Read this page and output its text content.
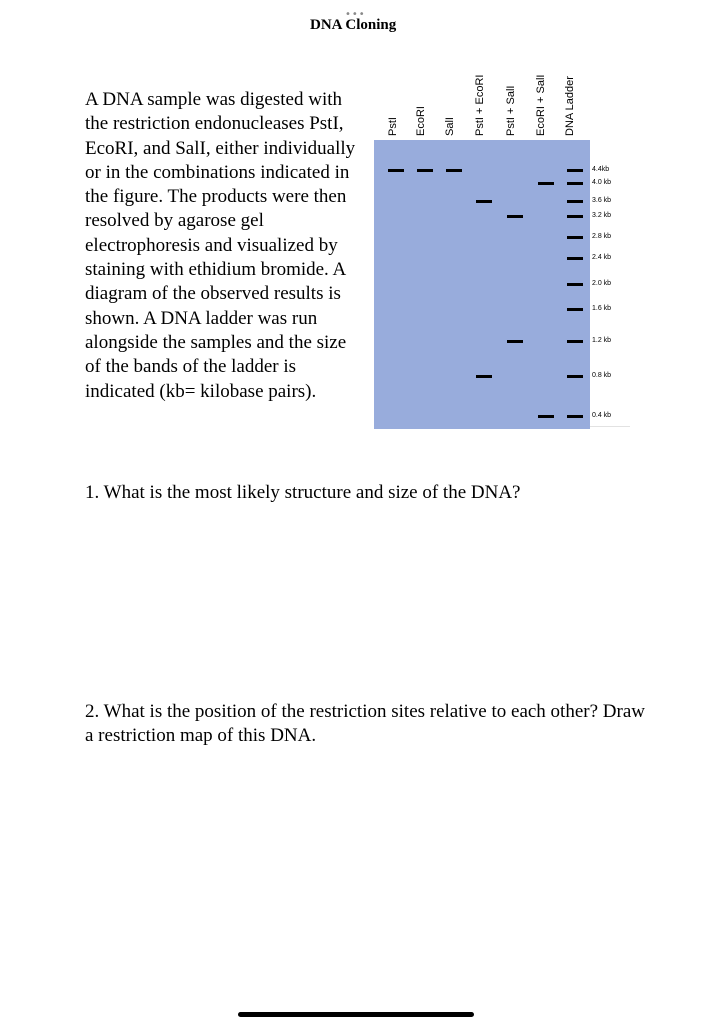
•••
DNA Cloning
A DNA sample was digested with the restriction endonucleases PstI, EcoRI, and SalI, either individually or in the combinations indicated in the figure. The products were then resolved by agarose gel electrophoresis and visualized by staining with ethidium bromide. A diagram of the observed results is shown. A DNA ladder was run alongside the samples and the size of the bands of the ladder is indicated (kb= kilobase pairs).
PstI	EcoRI	SalI	PstI + EcoRI	PstI + SalI	EcoRI + SalI	DNA Ladder
4.4kb
4.0 kb
3.6 kb
3.2 kb
2.8 kb
2.4 kb
2.0 kb
1.6 kb
1.2 kb
0.8 kb
0.4 kb
1. What is the most likely structure and size of the DNA?
2. What is the position of the restriction sites relative to each other? Draw a restriction map of this DNA.
